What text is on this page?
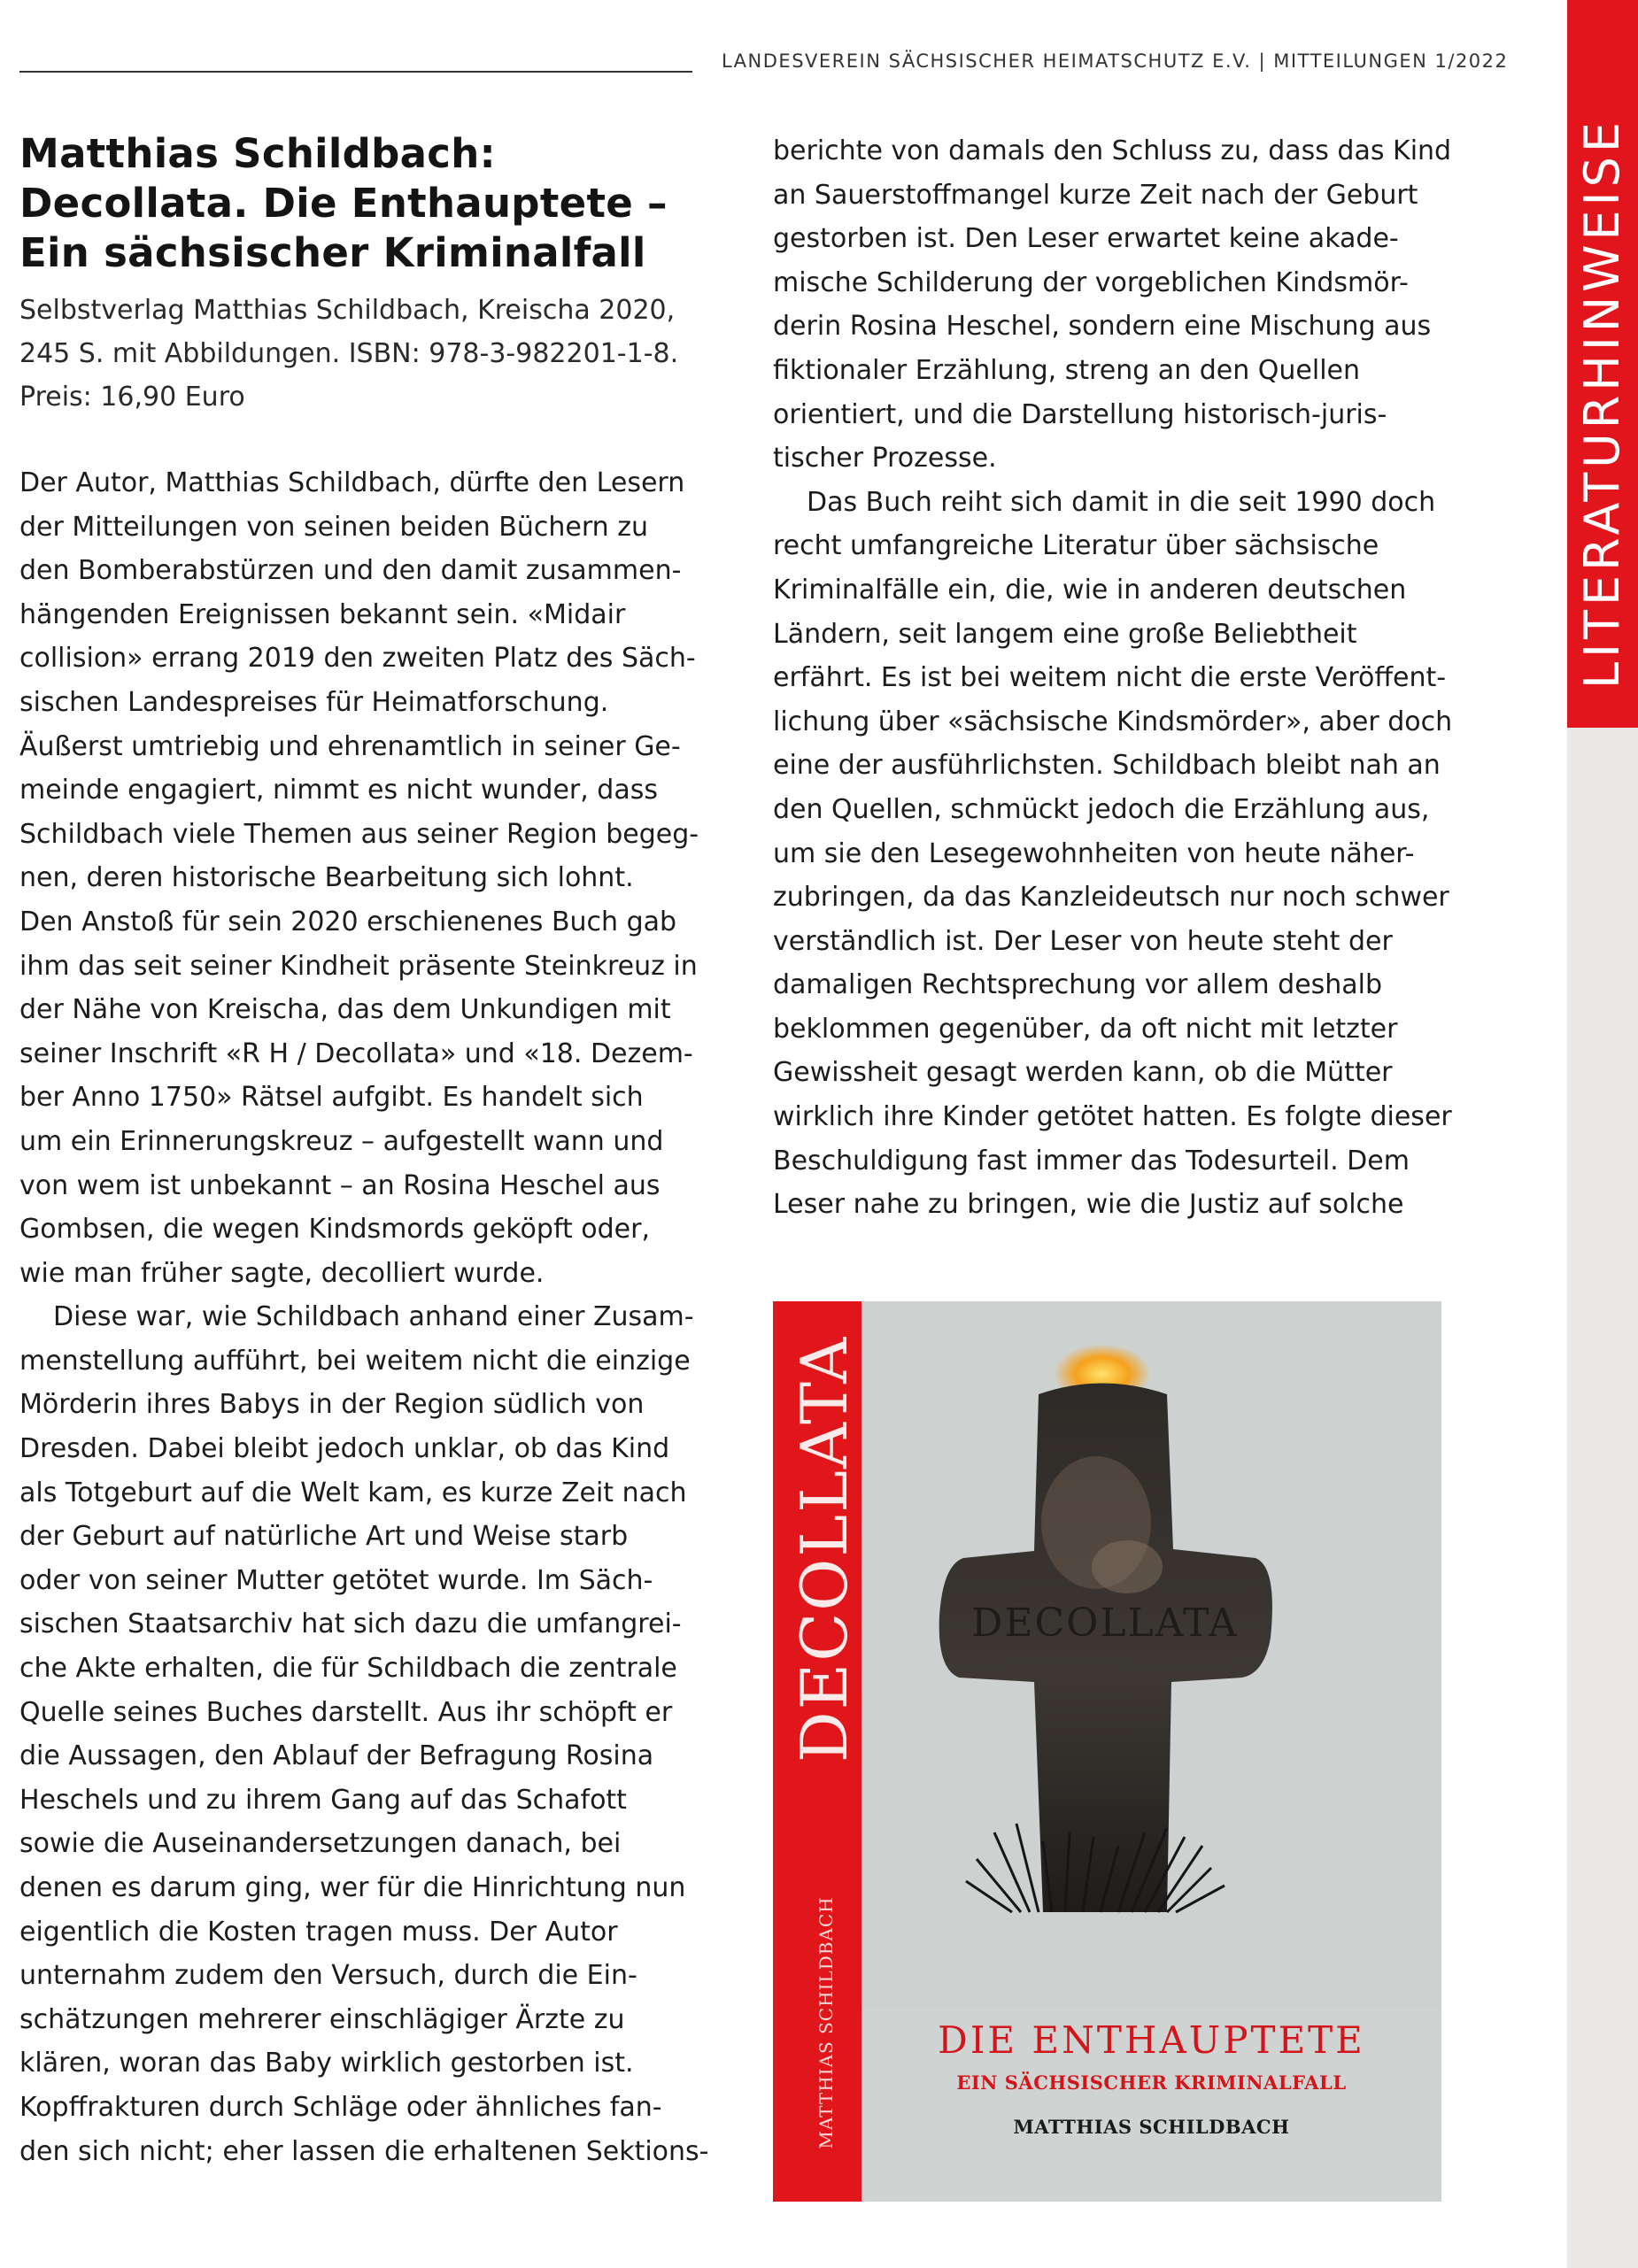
LANDESVEREIN SÄCHSISCHER HEIMATSCHUTZ E.V. | MITTEILUNGEN 1/2022
LITERATURHINWEISE
Matthias Schildbach:
Decollata. Die Enthauptete –
Ein sächsischer Kriminalfall

Selbstverlag Matthias Schildbach, Kreischa 2020,
245 S. mit Abbildungen. ISBN: 978-3-982201-1-8.
Preis: 16,90 Euro

Der Autor, Matthias Schildbach, dürfte den Lesern
der Mitteilungen von seinen beiden Büchern zu
den Bomberabstürzen und den damit zusammen-
hängenden Ereignissen bekannt sein. «Midair
collision» errang 2019 den zweiten Platz des Säch-
sischen Landespreises für Heimatforschung.
Äußerst umtriebig und ehrenamtlich in seiner Ge-
meinde engagiert, nimmt es nicht wunder, dass
Schildbach viele Themen aus seiner Region begeg-
nen, deren historische Bearbeitung sich lohnt.
Den Anstoß für sein 2020 erschienenes Buch gab
ihm das seit seiner Kindheit präsente Steinkreuz in
der Nähe von Kreischa, das dem Unkundigen mit
seiner Inschrift «R H / Decollata» und «18. Dezem-
ber Anno 1750» Rätsel aufgibt. Es handelt sich
um ein Erinnerungskreuz – aufgestellt wann und
von wem ist unbekannt – an Rosina Heschel aus
Gombsen, die wegen Kindsmords geköpft oder,
wie man früher sagte, decolliert wurde.

Diese war, wie Schildbach anhand einer Zusam-
menstellung aufführt, bei weitem nicht die einzige
Mörderin ihres Babys in der Region südlich von
Dresden. Dabei bleibt jedoch unklar, ob das Kind
als Totgeburt auf die Welt kam, es kurze Zeit nach
der Geburt auf natürliche Art und Weise starb
oder von seiner Mutter getötet wurde. Im Säch-
sischen Staatsarchiv hat sich dazu die umfangrei-
che Akte erhalten, die für Schildbach die zentrale
Quelle seines Buches darstellt. Aus ihr schöpft er
die Aussagen, den Ablauf der Befragung Rosina
Heschels und zu ihrem Gang auf das Schafott
sowie die Auseinandersetzungen danach, bei
denen es darum ging, wer für die Hinrichtung nun
eigentlich die Kosten tragen muss. Der Autor
unternahm zudem den Versuch, durch die Ein-
schätzungen mehrerer einschlägiger Ärzte zu
klären, woran das Baby wirklich gestorben ist.
Kopffrakturen durch Schläge oder ähnliches fan-
den sich nicht; eher lassen die erhaltenen Sektions-

berichte von damals den Schluss zu, dass das Kind
an Sauerstoffmangel kurze Zeit nach der Geburt
gestorben ist. Den Leser erwartet keine akade-
mische Schilderung der vorgeblichen Kindsmör-
derin Rosina Heschel, sondern eine Mischung aus
fiktionaler Erzählung, streng an den Quellen
orientiert, und die Darstellung historisch-juris-
tischer Prozesse.

Das Buch reiht sich damit in die seit 1990 doch
recht umfangreiche Literatur über sächsische
Kriminalfälle ein, die, wie in anderen deutschen
Ländern, seit langem eine große Beliebtheit
erfährt. Es ist bei weitem nicht die erste Veröffent-
lichung über «sächsische Kindsmörder», aber doch
eine der ausführlichsten. Schildbach bleibt nah an
den Quellen, schmückt jedoch die Erzählung aus,
um sie den Lesegewohnheiten von heute näher-
zubringen, da das Kanzleideutsch nur noch schwer
verständlich ist. Der Leser von heute steht der
damaligen Rechtsprechung vor allem deshalb
beklommen gegenüber, da oft nicht mit letzter
Gewissheit gesagt werden kann, ob die Mütter
wirklich ihre Kinder getötet hatten. Es folgte dieser
Beschuldigung fast immer das Todesurteil. Dem
Leser nahe zu bringen, wie die Justiz auf solche

DECOLLATA
MATTHIAS SCHILDBACH
DECOLLATA
DIE ENTHAUPTETE
EIN SÄCHSISCHER KRIMINALFALL
MATTHIAS SCHILDBACH
